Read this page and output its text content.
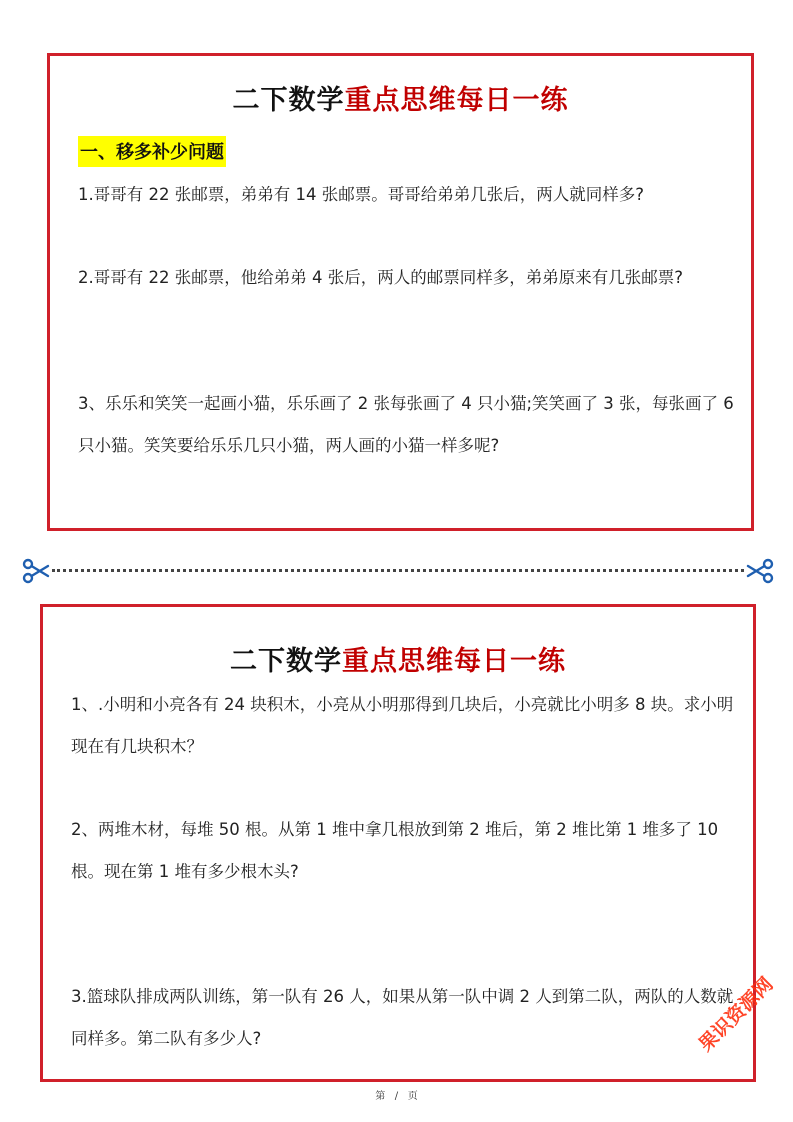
二下数学重点思维每日一练
一、移多补少问题
1.哥哥有 22 张邮票，弟弟有 14 张邮票。哥哥给弟弟几张后，两人就同样多?
2.哥哥有 22 张邮票，他给弟弟 4 张后，两人的邮票同样多，弟弟原来有几张邮票?
3、乐乐和笑笑一起画小猫，乐乐画了 2 张每张画了 4 只小猫;笑笑画了 3 张，每张画了 6 只小猫。笑笑要给乐乐几只小猫，两人画的小猫一样多呢?
二下数学重点思维每日一练
1、.小明和小亮各有 24 块积木，小亮从小明那得到几块后，小亮就比小明多 8 块。求小明现在有几块积木？
2、两堆木材，每堆 50 根。从第 1 堆中拿几根放到第 2 堆后，第 2 堆比第 1 堆多了 10 根。现在第 1 堆有多少根木头?
3.篮球队排成两队训练，第一队有 26 人，如果从第一队中调 2 人到第二队，两队的人数就同样多。第二队有多少人?	果识资源网
第   /   页
